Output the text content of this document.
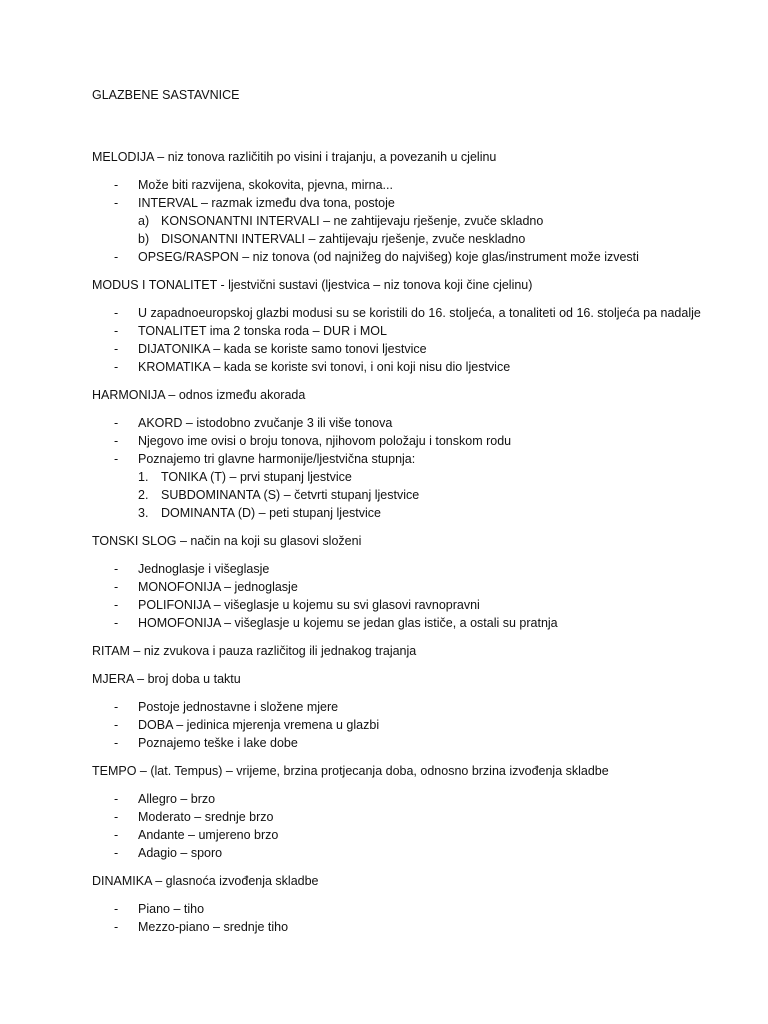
GLAZBENE SASTAVNICE
MELODIJA – niz tonova različitih po visini i trajanju, a povezanih u cjelinu
- Može biti razvijena, skokovita, pjevna, mirna...
- INTERVAL – razmak između dva tona, postoje
a) KONSONANTNI INTERVALI – ne zahtijevaju rješenje, zvuče skladno
b) DISONANTNI INTERVALI – zahtijevaju rješenje, zvuče neskladno
- OPSEG/RASPON – niz tonova (od najnižeg do najvišeg) koje glas/instrument može izvesti
MODUS I TONALITET - ljestvični sustavi (ljestvica – niz tonova koji čine cjelinu)
- U zapadnoeuropskoj glazbi modusi su se koristili do 16. stoljeća, a tonaliteti od 16. stoljeća pa nadalje
- TONALITET ima 2 tonska roda – DUR i MOL
- DIJATONIKA – kada se koriste samo tonovi ljestvice
- KROMATIKA – kada se koriste svi tonovi, i oni koji nisu dio ljestvice
HARMONIJA – odnos između akorada
- AKORD – istodobno zvučanje 3 ili više tonova
- Njegovo ime ovisi o broju tonova, njihovom položaju i tonskom rodu
- Poznajemo tri glavne harmonije/ljestvična stupnja:
1. TONIKA (T) – prvi stupanj ljestvice
2. SUBDOMINANTA (S) – četvrti stupanj ljestvice
3. DOMINANTA (D) – peti stupanj ljestvice
TONSKI SLOG – način na koji su glasovi složeni
- Jednoglasje i višeglasje
- MONOFONIJA – jednoglasje
- POLIFONIJA – višeglasje u kojemu su svi glasovi ravnopravni
- HOMOFONIJA – višeglasje u kojemu se jedan glas ističe, a ostali su pratnja
RITAM – niz zvukova i pauza različitog ili jednakog trajanja
MJERA – broj doba u taktu
- Postoje jednostavne i složene mjere
- DOBA – jedinica mjerenja vremena u glazbi
- Poznajemo teške i lake dobe
TEMPO – (lat. Tempus) – vrijeme, brzina protjecanja doba, odnosno brzina izvođenja skladbe
- Allegro – brzo
- Moderato – srednje brzo
- Andante – umjereno brzo
- Adagio – sporo
DINAMIKA – glasnoća izvođenja skladbe
- Piano – tiho
- Mezzo-piano – srednje tiho
